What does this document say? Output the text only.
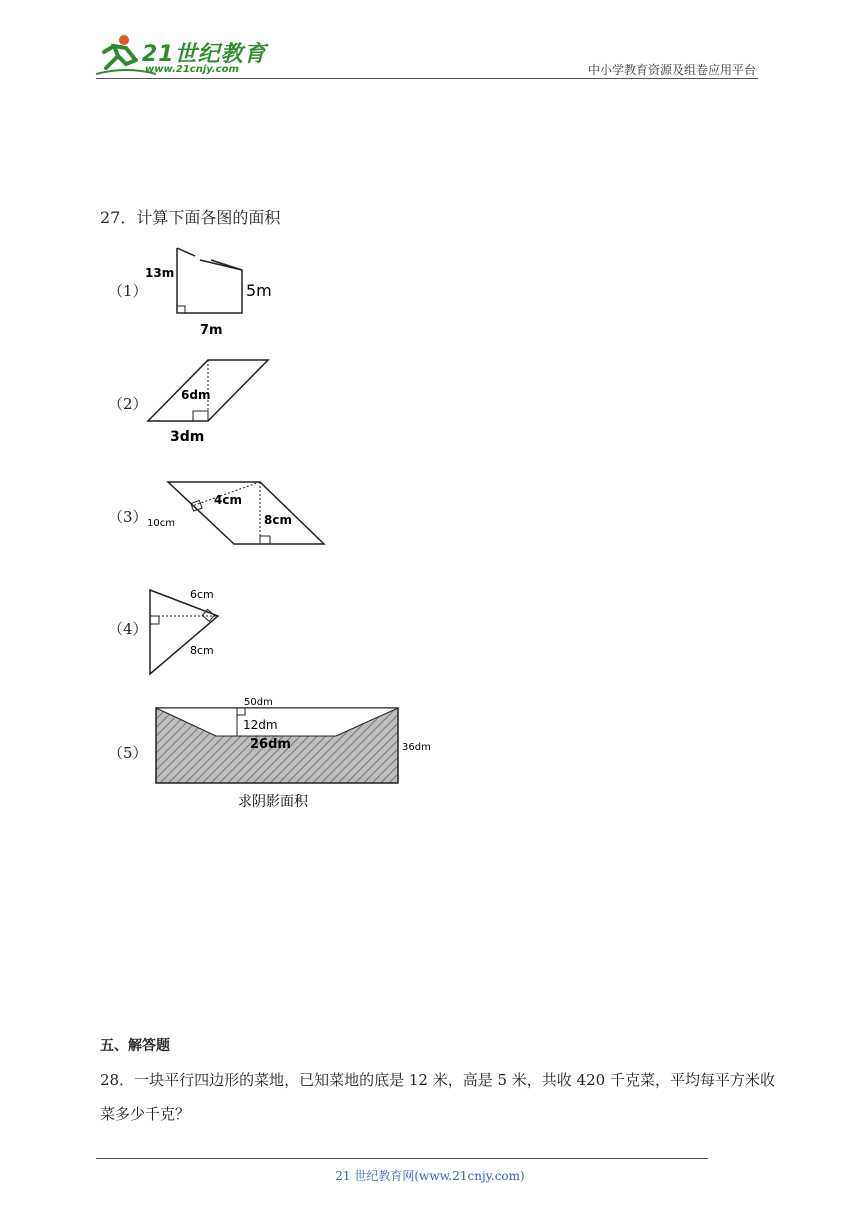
21世纪教育
www.21cnjy.com	中小学教育资源及组卷应用平台
27．计算下面各图的面积
（1）
13m
5m
7m
（2）	6dm
3dm
（3）
4cm
10cm	8cm
（4）
6cm
8cm
（5）
50dm
12dm
26dm	36dm
求阴影面积
五、解答题
28．一块平行四边形的菜地，已知菜地的底是 12 米，高是 5 米，共收 420 千克菜，平均每平方米收菜多少千克？
21 世纪教育网(www.21cnjy.com)
